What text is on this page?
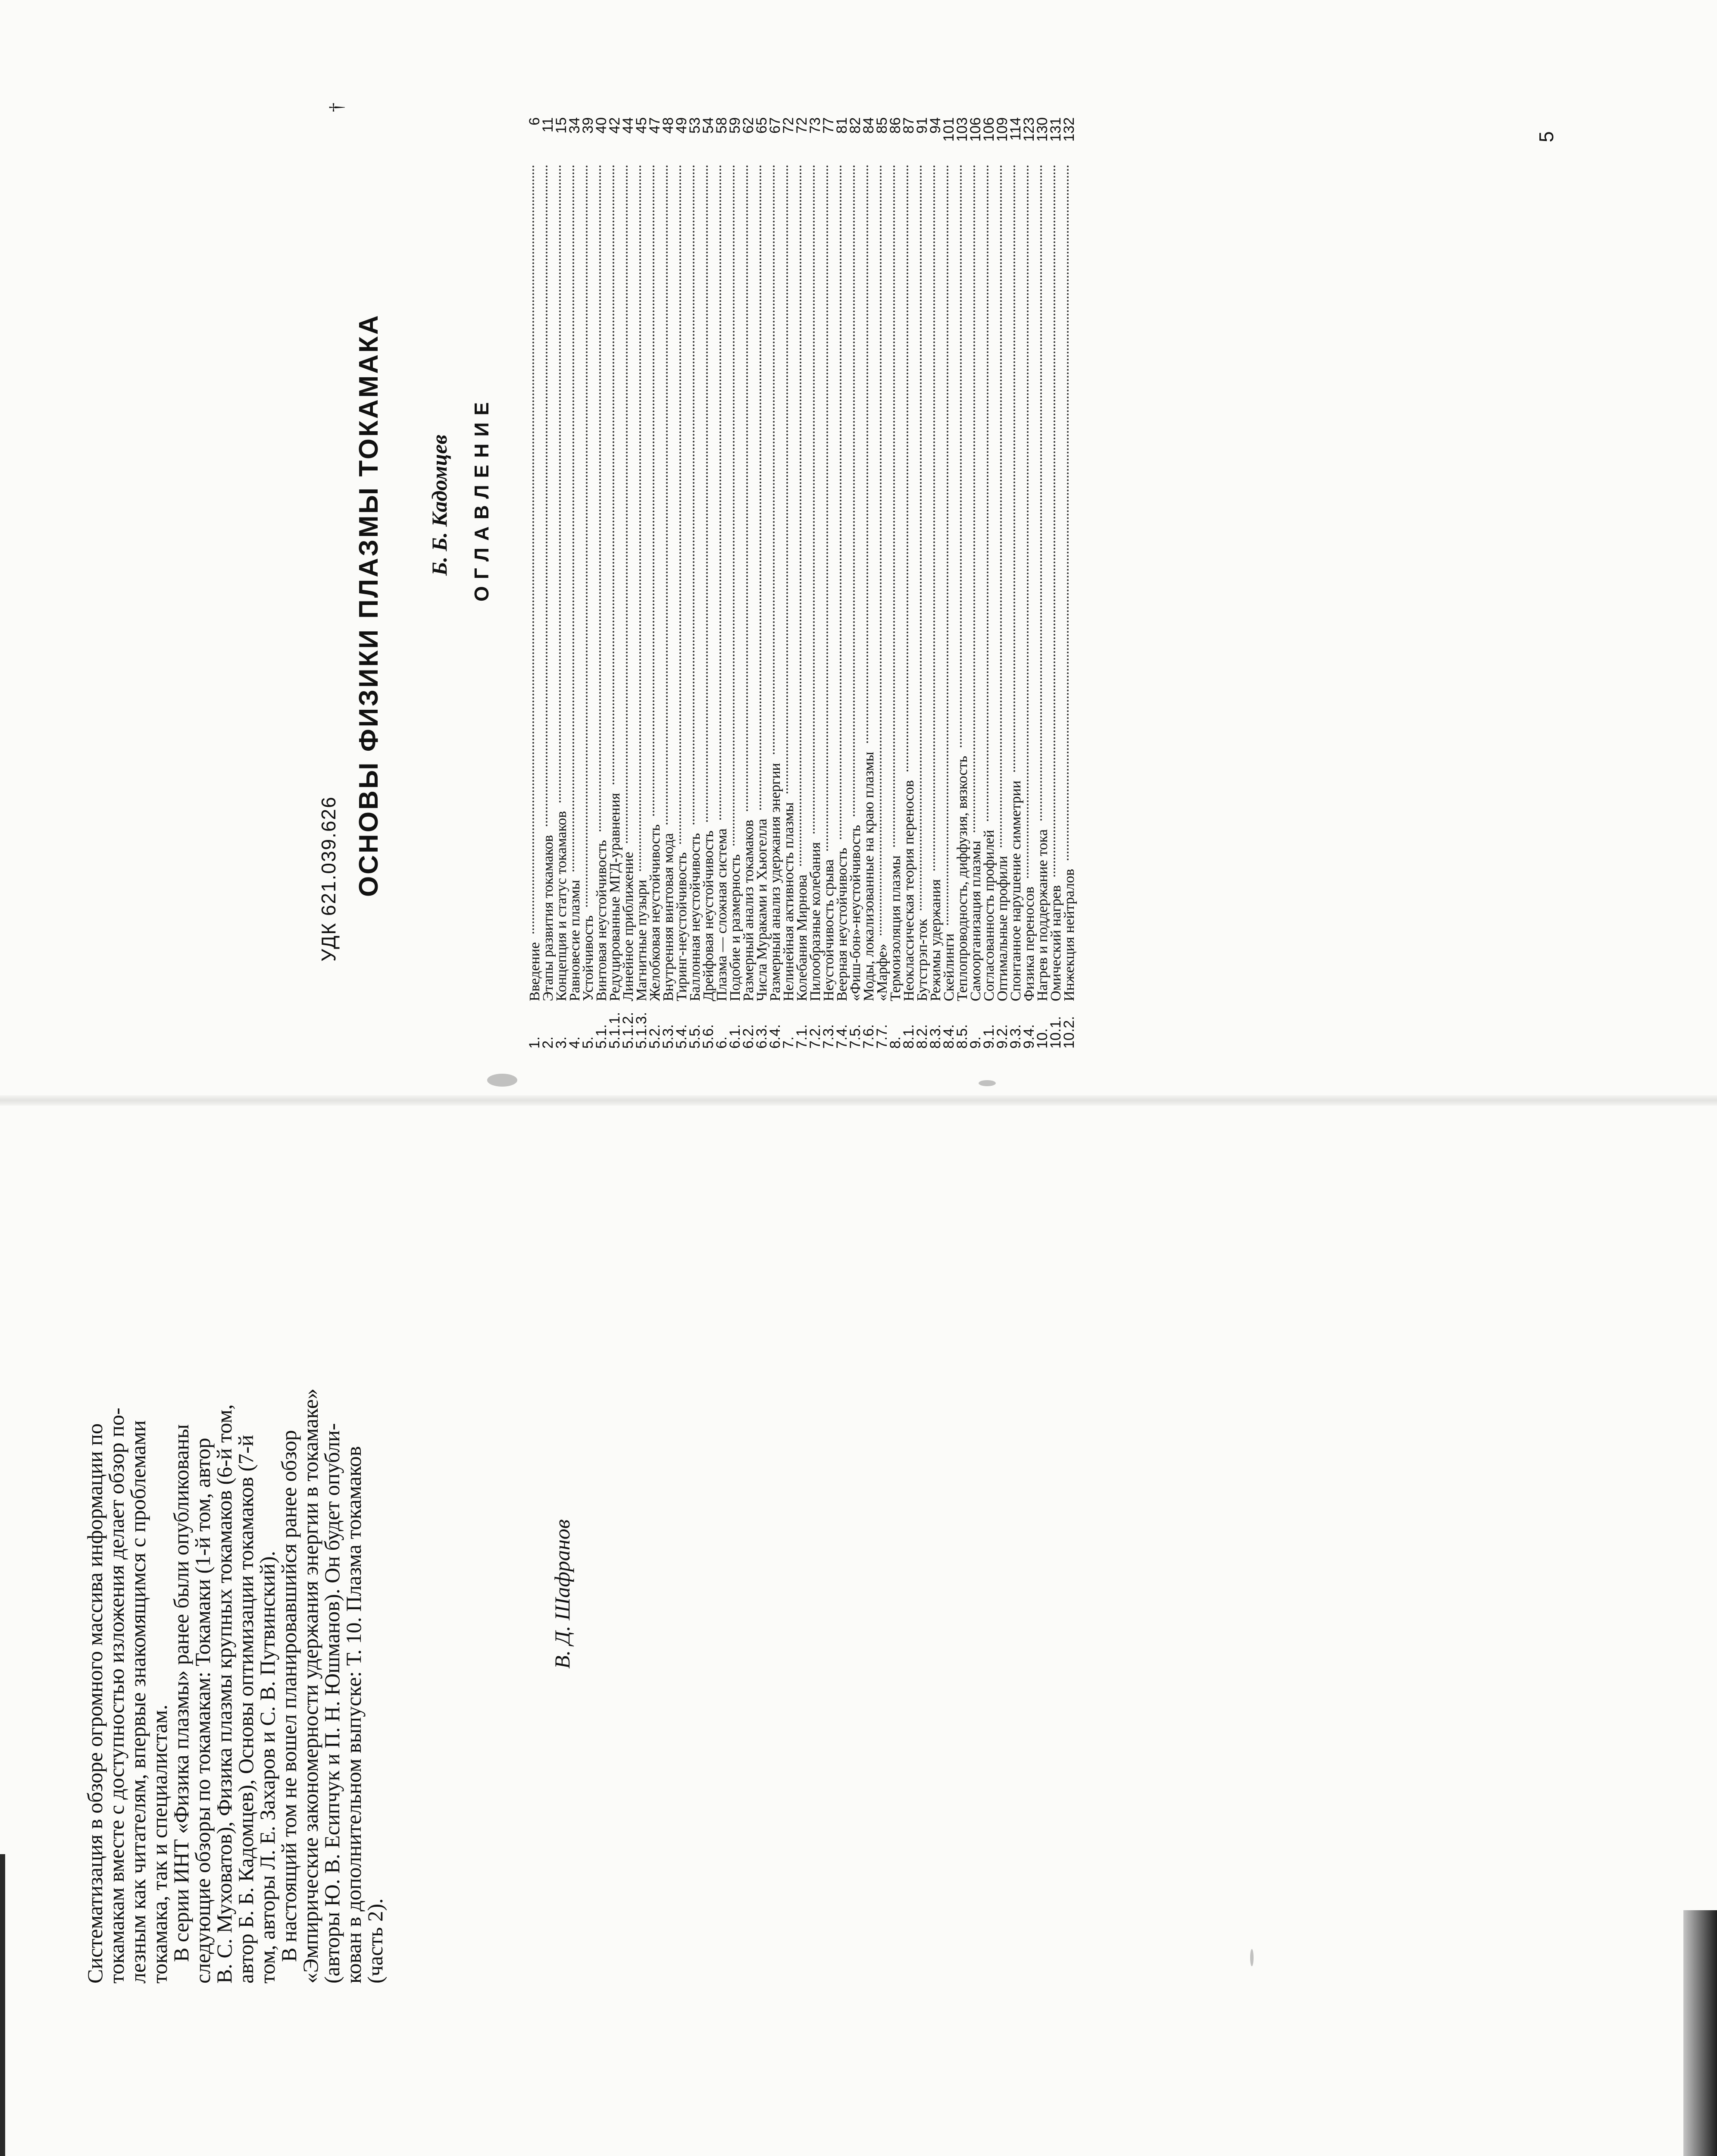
†
УДК 621.039.626 ОСНОВЫ ФИЗИКИ ПЛАЗМЫ ТОКАМАКА Б. Б. Кадомцев ОГЛАВЛЕНИЕ
1.
Введение
6
2.
Этапы развития токамаков
11
3.
Концепция и статус токамаков
15
4.
Равновесие плазмы
34
5.
Устойчивость
39
5.1.
Винтовая неустойчивость
40
5.1.1.
Редуцированные МГД-уравнения
42
5.1.2.
Линейное приближение
44
5.1.3.
Магнитные пузыри
45
5.2.
Желобковая неустойчивость
47
5.3.
Внутренняя винтовая мода
48
5.4.
Тиринг-неустойчивость
49
5.5.
Баллонная неустойчивость
53
5.6.
Дрейфовая неустойчивость
54
6.
Плазма — сложная система
58
6.1.
Подобие и размерность
59
6.2.
Размерный анализ токамаков
62
6.3.
Числа Мураками и Хьюгелла
65
6.4.
Размерный анализ удержания энергии
67
7.
Нелинейная активность плазмы
72
7.1.
Колебания Мирнова
72
7.2.
Пилообразные колебания
73
7.3.
Неустойчивость срыва
77
7.4.
Веерная неустойчивость
81
7.5.
«Фиш-бон»-неустойчивость
82
7.6.
Моды, локализованные на краю плазмы
84
7.7.
«Марфе»
85
8.
Термоизоляция плазмы
86
8.1.
Неоклассическая теория переносов
87
8.2.
Бутстрэп-ток
91
8.3.
Режимы удержания
94
8.4.
Скейлинги
101
8.5.
Теплопроводность, диффузия, вязкость
103
9.
Самоорганизация плазмы
106
9.1.
Согласованность профилей
106
9.2.
Оптимальные профили
109
9.3.
Спонтанное нарушение симметрии
114
9.4.
Физика переносов
123
10.
Нагрев и поддержание тока
130
10.1.
Омический нагрев
131
10.2.
Инжекция нейтралов
132	5
Систематизация в обзоре огромного массива информации по
токамакам вместе с доступностью изложения делает обзор по-
лезным как читателям, впервые знакомящимся с проблемами
токамака, так и специалистам.
В серии ИНТ «Физика плазмы» ранее были опубликованы
следующие обзоры по токамакам: Токамаки (1-й том, автор
В. С. Муховатов), Физика плазмы крупных токамаков (6-й том,
автор Б. Б. Кадомцев), Основы оптимизации токамаков (7-й
том, авторы Л. Е. Захаров и С. В. Путвинский).
В настоящий том не вошел планировавшийся ранее обзор
«Эмпирические закономерности удержания энергии в токамаке»
(авторы Ю. В. Есипчук и П. Н. Юшманов). Он будет опубли-
кован в дополнительном выпуске: Т. 10. Плазма токамаков
(часть 2).
В. Д. Шафранов
